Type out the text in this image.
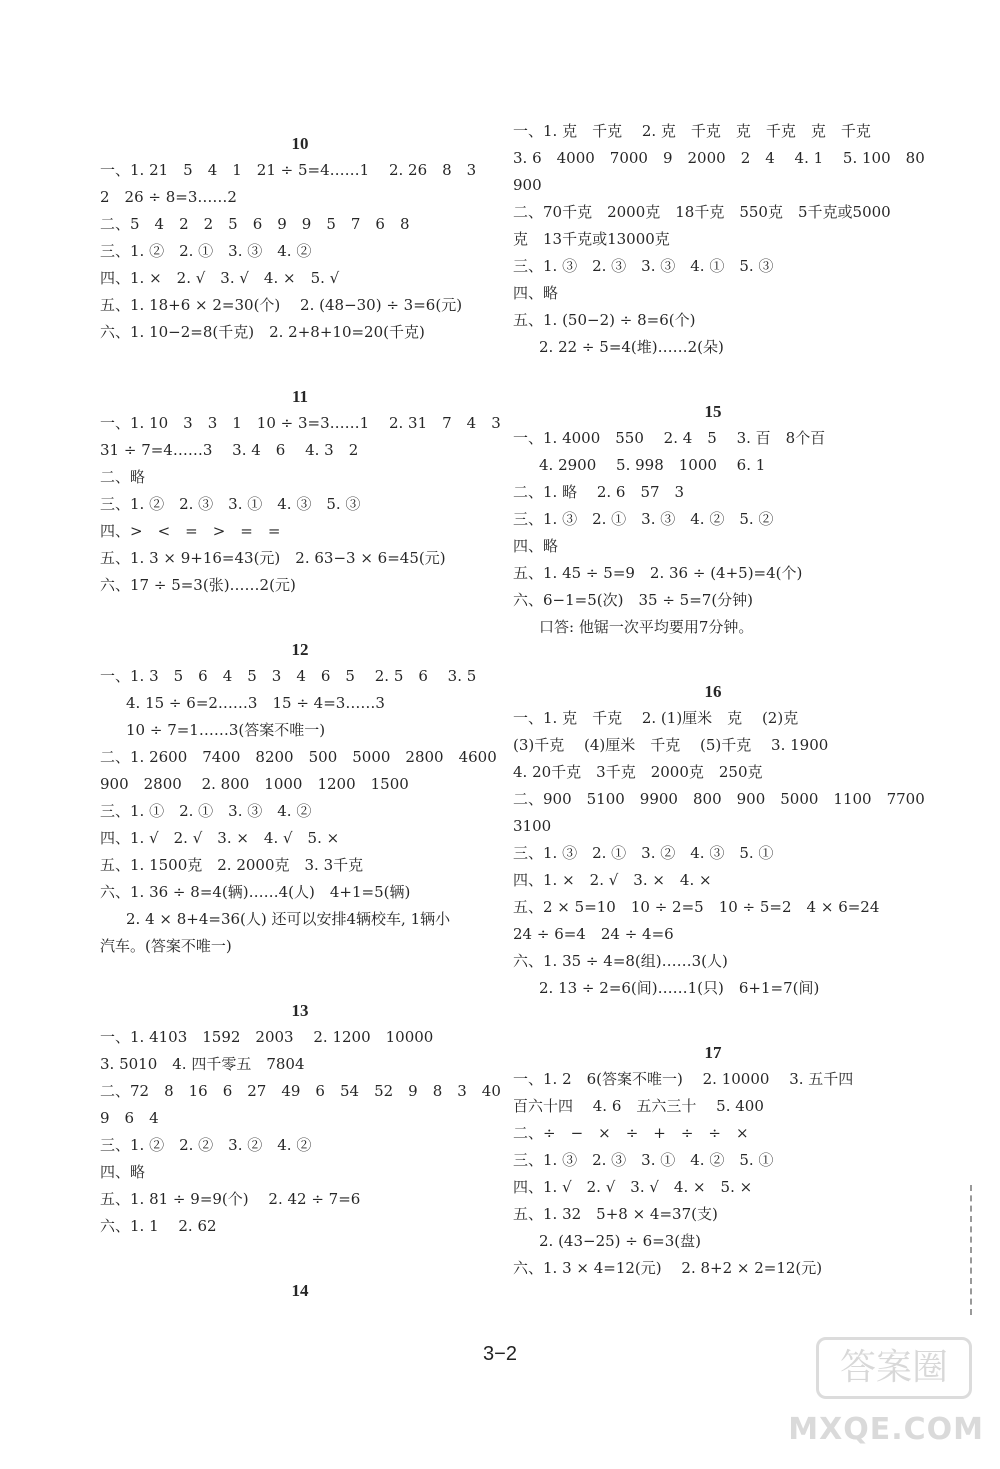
10
一、1. 21　5　4　1　21 ÷ 5=4……1　 2. 26　8　3
2　26 ÷ 8=3……2
二、5　4　2　2　5　6　9　9　5　7　6　8
三、1. ②　2. ①　3. ③　4. ②
四、1. ×　2. √　3. √　4. ×　5. √
五、1. 18+6 × 2=30(个)　 2. (48−30) ÷ 3=6(元)
六、1. 10−2=8(千克)　2. 2+8+10=20(千克)
11
一、1. 10　3　3　1　10 ÷ 3=3……1　 2. 31　7　4　3
31 ÷ 7=4……3　 3. 4　6　 4. 3　2
二、略
三、1. ②　2. ③　3. ①　4. ③　5. ③
四、>　<　=　>　=　=
五、1. 3 × 9+16=43(元)　2. 63−3 × 6=45(元)
六、17 ÷ 5=3(张)……2(元)
12
一、1. 3　5　6　4　5　3　4　6　5　 2. 5　6　 3. 5
4. 15 ÷ 6=2……3　15 ÷ 4=3……3
10 ÷ 7=1……3(答案不唯一)
二、1. 2600　7400　8200　500　5000　2800　4600
900　2800　 2. 800　1000　1200　1500
三、1. ①　2. ①　3. ③　4. ②
四、1. √　2. √　3. ×　4. √　5. ×
五、1. 1500克　2. 2000克　3. 3千克
六、1. 36 ÷ 8=4(辆)……4(人)　4+1=5(辆)
2. 4 × 8+4=36(人) 还可以安排4辆校车, 1辆小
汽车。(答案不唯一)
13
一、1. 4103　1592　2003　 2. 1200　10000
3. 5010　4. 四千零五　7804
二、72　8　16　6　27　49　6　54　52　9　8　3　40
9　6　4
三、1. ②　2. ②　3. ②　4. ②
四、略
五、1. 81 ÷ 9=9(个)　 2. 42 ÷ 7=6
六、1. 1　 2. 62
14
一、1. 克　千克　 2. 克　千克　克　千克　克　千克
3. 6　4000　7000　9　2000　2　4　 4. 1　 5. 100　80
900
二、70千克　2000克　18千克　550克　5千克或5000
克　13千克或13000克
三、1. ③　2. ③　3. ③　4. ①　5. ③
四、略
五、1. (50−2) ÷ 8=6(个)
2. 22 ÷ 5=4(堆)……2(朵)
15
一、1. 4000　550　 2. 4　5　 3. 百　8个百
4. 2900　 5. 998　1000　 6. 1
二、1. 略　 2. 6　57　3
三、1. ③　2. ①　3. ③　4. ②　5. ②
四、略
五、1. 45 ÷ 5=9　2. 36 ÷ (4+5)=4(个)
六、6−1=5(次)　35 ÷ 5=7(分钟)
口答: 他锯一次平均要用7分钟。
16
一、1. 克　千克　 2. (1)厘米　克　 (2)克
(3)千克　 (4)厘米　千克　 (5)千克　 3. 1900
4. 20千克　3千克　2000克　250克
二、900　5100　9900　800　900　5000　1100　7700
3100
三、1. ③　2. ①　3. ②　4. ③　5. ①
四、1. ×　2. √　3. ×　4. ×
五、2 × 5=10　10 ÷ 2=5　10 ÷ 5=2　4 × 6=24
24 ÷ 6=4　24 ÷ 4=6
六、1. 35 ÷ 4=8(组)……3(人)
2. 13 ÷ 2=6(间)……1(只)　6+1=7(间)
17
一、1. 2　6(答案不唯一)　 2. 10000　 3. 五千四
百六十四　 4. 6　五六三十　 5. 400
二、÷　−　×　÷　+　÷　÷　×
三、1. ③　2. ③　3. ①　4. ②　5. ①
四、1. √　2. √　3. √　4. ×　5. ×
五、1. 32　5+8 × 4=37(支)
2. (43−25) ÷ 6=3(盘)
六、1. 3 × 4=12(元)　 2. 8+2 × 2=12(元)
3−2	答案圈
MXQE.COM
